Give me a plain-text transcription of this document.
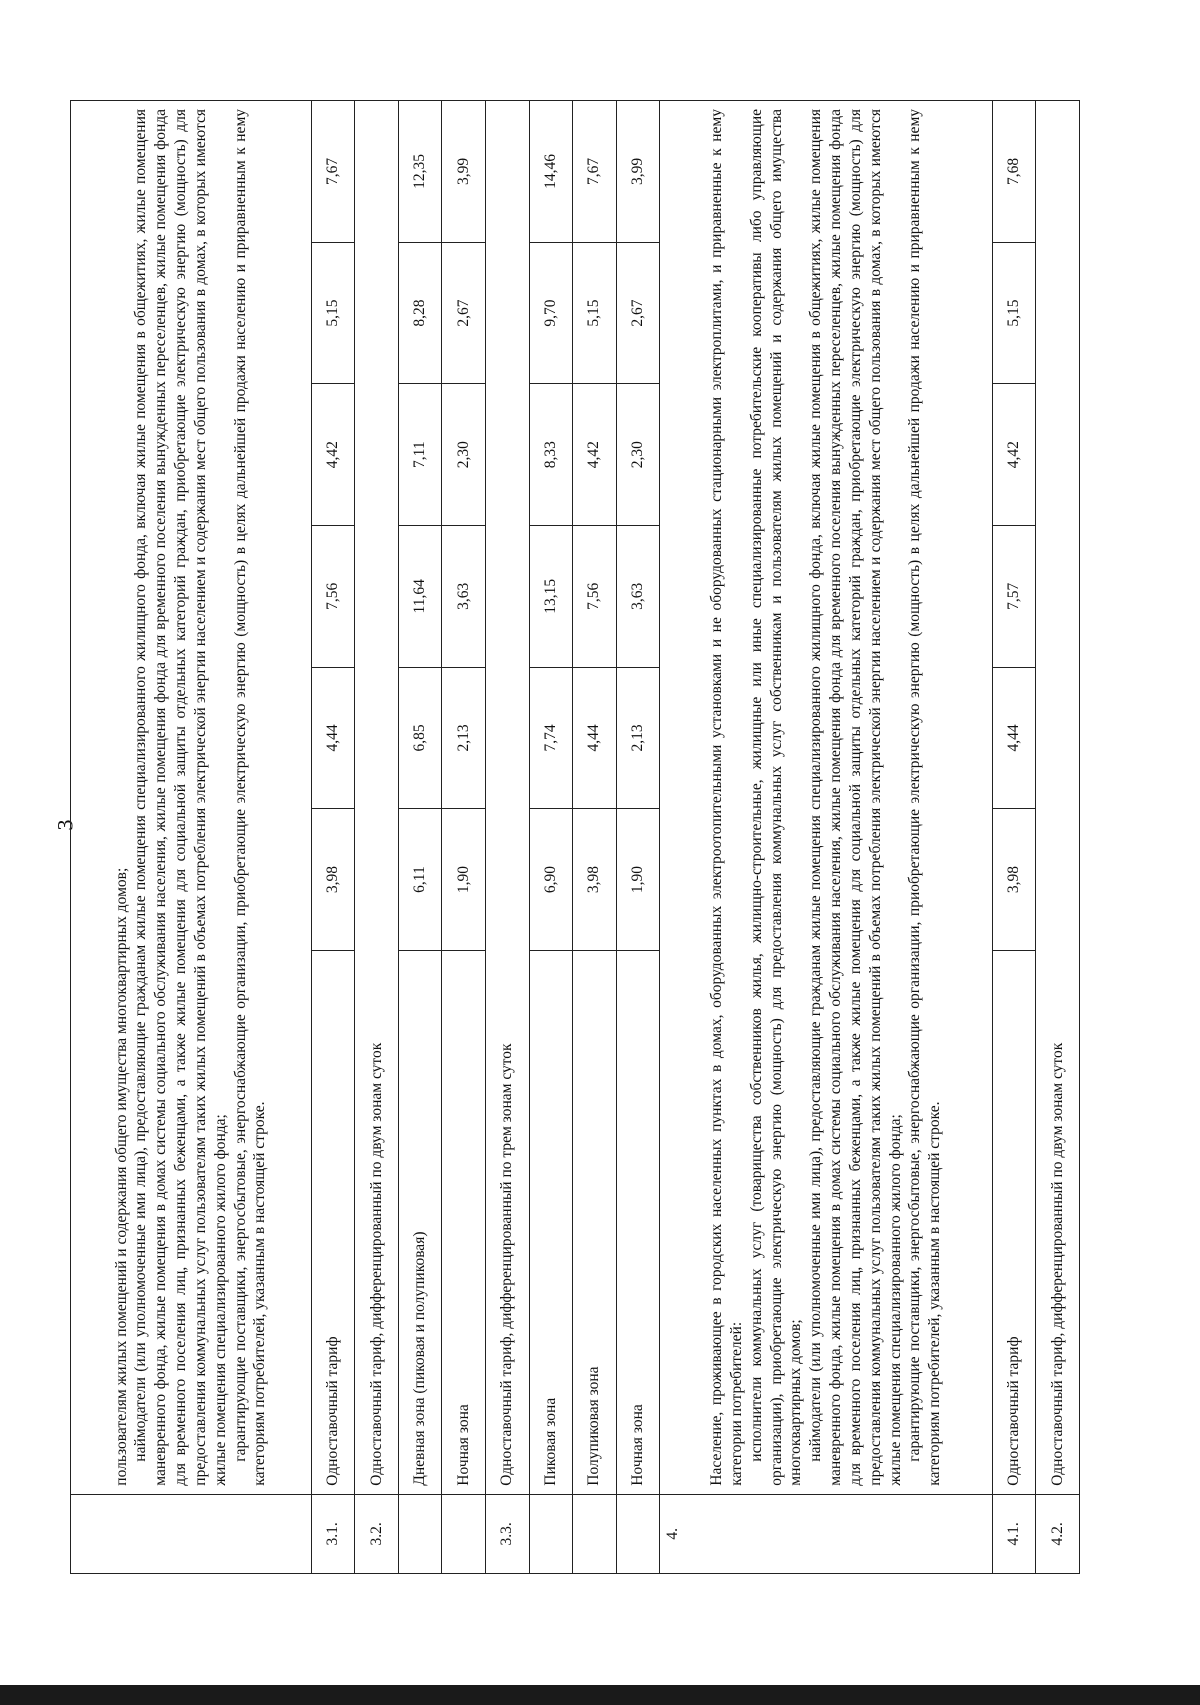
3

	пользователям жилых помещений и содержания общего имущества многоквартирных домов; наймодатели (или уполномоченные ими лица), предоставляющие гражданам жилые помещения специализированного жилищного фонда, включая жилые помещения в общежитиях, жилые помещения маневренного фонда, жилые помещения в домах системы социального обслуживания населения, жилые помещения фонда для временного поселения вынужденных переселенцев, жилые помещения фонда для временного поселения лиц, признанных беженцами, а также жилые помещения для социальной защиты отдельных категорий граждан, приобретающие электрическую энергию (мощность) для предоставления коммунальных услуг пользователям таких жилых помещений в объемах потребления электрической энергии населением и содержания мест общего пользования в домах, в которых имеются жилые помещения специализированного жилого фонда; гарантирующие поставщики, энергосбытовые, энергоснабжающие организации, приобретающие электрическую энергию (мощность) в целях дальнейшей продажи населению и приравненным к нему категориям потребителей, указанным в настоящей строке.						

3.1.	Одноставочный тариф	3,98	4,44	7,56	4,42	5,15	7,67
3.2.	Одноставочный тариф, дифференцированный по двум зонам суток						
	Дневная зона (пиковая и полупиковая)	6,11	6,85	11,64	7,11	8,28	12,35
	Ночная зона	1,90	2,13	3,63	2,30	2,67	3,99
3.3.	Одноставочный тариф, дифференцированный по трем зонам суток						
	Пиковая зона	6,90	7,74	13,15	8,33	9,70	14,46
	Полупиковая зона	3,98	4,44	7,56	4,42	5,15	7,67
	Ночная зона	1,90	2,13	3,63	2,30	2,67	3,99
4.	Население, проживающее в городских населенных пунктах в домах, оборудованных электроотопительными установками и не оборудованных стационарными электроплитами, и приравненные к нему категории потребителей: исполнители коммунальных услуг (товарищества собственников жилья, жилищно-строительные, жилищные или иные специализированные потребительские кооперативы либо управляющие организации), приобретающие электрическую энергию (мощность) для предоставления коммунальных услуг собственникам и пользователям жилых помещений и содержания общего имущества многоквартирных домов; наймодатели (или уполномоченные ими лица), предоставляющие гражданам жилые помещения специализированного жилищного фонда, включая жилые помещения в общежитиях, жилые помещения маневренного фонда, жилые помещения в домах системы социального обслуживания населения, жилые помещения фонда для временного поселения вынужденных переселенцев, жилые помещения фонда для временного поселения лиц, признанных беженцами, а также жилые помещения для социальной защиты отдельных категорий граждан, приобретающие электрическую энергию (мощность) для предоставления коммунальных услуг пользователям таких жилых помещений в объемах потребления электрической энергии населением и содержания мест общего пользования в домах, в которых имеются жилые помещения специализированного жилого фонда; гарантирующие поставщики, энергосбытовые, энергоснабжающие организации, приобретающие электрическую энергию (мощность) в целях дальнейшей продажи населению и приравненным к нему категориям потребителей, указанным в настоящей строке.						

4.1.	Одноставочный тариф	3,98	4,44	7,57	4,42	5,15	7,68
4.2.	Одноставочный тариф, дифференцированный по двум зонам суток						
